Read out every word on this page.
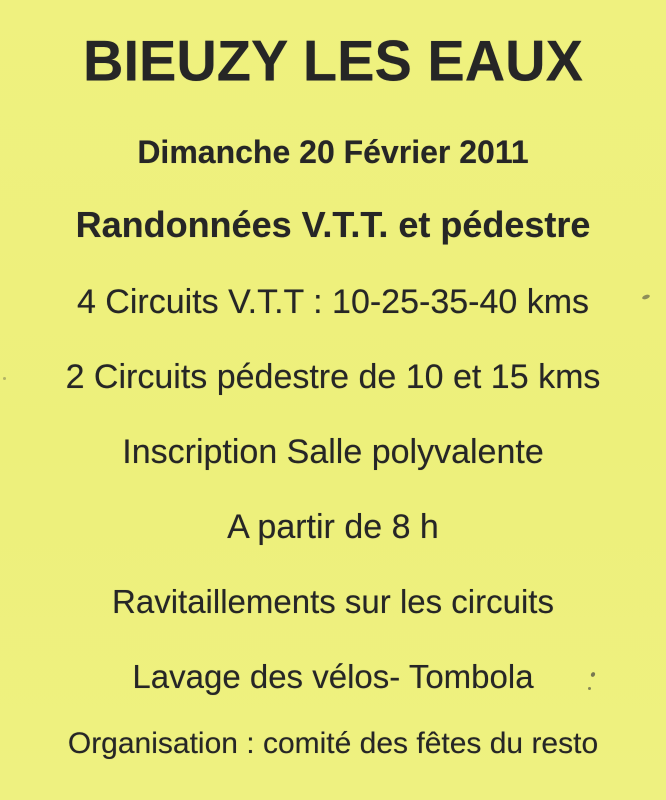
BIEUZY LES EAUX
Dimanche 20 Février 2011
Randonnées V.T.T. et pédestre
4 Circuits V.T.T : 10-25-35-40 kms
2 Circuits pédestre de 10 et 15 kms
Inscription Salle polyvalente
A partir de 8 h
Ravitaillements sur les circuits
Lavage des vélos- Tombola
Organisation : comité des fêtes du resto
